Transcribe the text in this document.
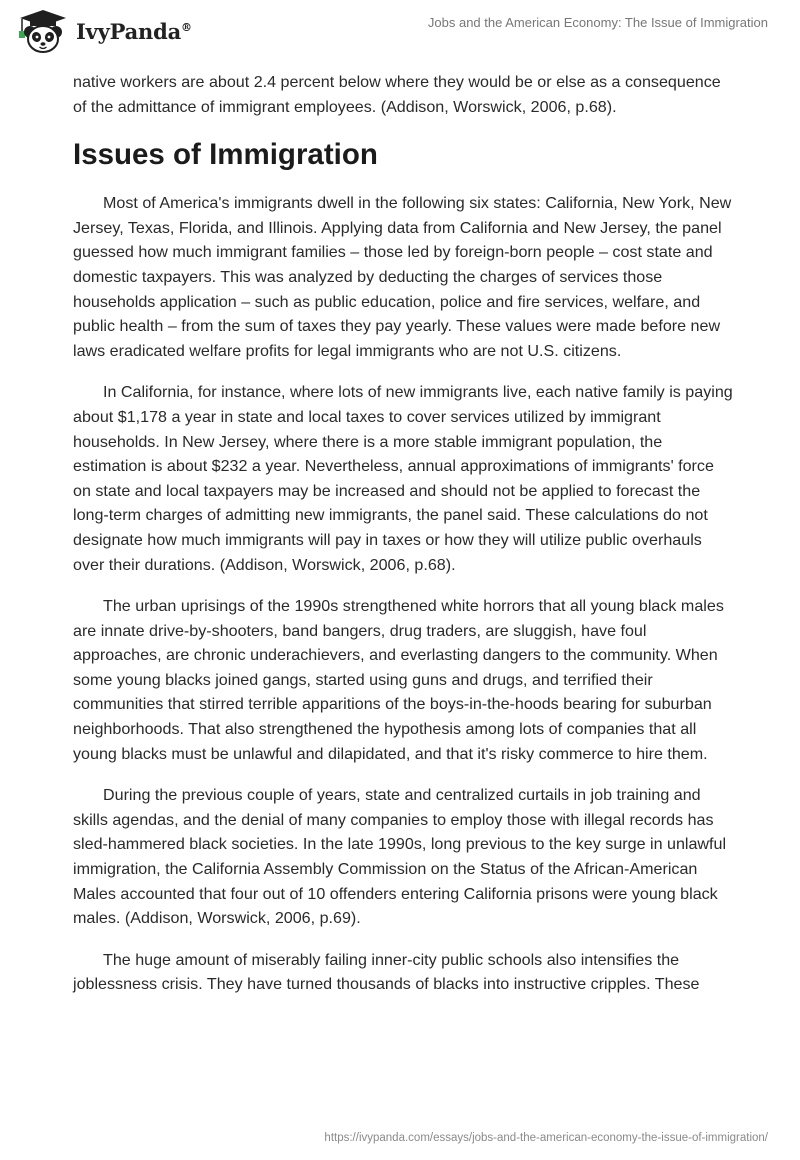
IvyPanda®	Jobs and the American Economy: The Issue of Immigration

native workers are about 2.4 percent below where they would be or else as a consequence of the admittance of immigrant employees. (Addison, Worswick, 2006, p.68).

Issues of Immigration

Most of America's immigrants dwell in the following six states: California, New York, New Jersey, Texas, Florida, and Illinois. Applying data from California and New Jersey, the panel guessed how much immigrant families – those led by foreign-born people – cost state and domestic taxpayers. This was analyzed by deducting the charges of services those households application – such as public education, police and fire services, welfare, and public health – from the sum of taxes they pay yearly. These values were made before new laws eradicated welfare profits for legal immigrants who are not U.S. citizens.

In California, for instance, where lots of new immigrants live, each native family is paying about $1,178 a year in state and local taxes to cover services utilized by immigrant households. In New Jersey, where there is a more stable immigrant population, the estimation is about $232 a year. Nevertheless, annual approximations of immigrants' force on state and local taxpayers may be increased and should not be applied to forecast the long-term charges of admitting new immigrants, the panel said. These calculations do not designate how much immigrants will pay in taxes or how they will utilize public overhauls over their durations. (Addison, Worswick, 2006, p.68).

The urban uprisings of the 1990s strengthened white horrors that all young black males are innate drive-by-shooters, band bangers, drug traders, are sluggish, have foul approaches, are chronic underachievers, and everlasting dangers to the community. When some young blacks joined gangs, started using guns and drugs, and terrified their communities that stirred terrible apparitions of the boys-in-the-hoods bearing for suburban neighborhoods. That also strengthened the hypothesis among lots of companies that all young blacks must be unlawful and dilapidated, and that it's risky commerce to hire them.

During the previous couple of years, state and centralized curtails in job training and skills agendas, and the denial of many companies to employ those with illegal records has sled-hammered black societies. In the late 1990s, long previous to the key surge in unlawful immigration, the California Assembly Commission on the Status of the African-American Males accounted that four out of 10 offenders entering California prisons were young black males. (Addison, Worswick, 2006, p.69).

The huge amount of miserably failing inner-city public schools also intensifies the joblessness crisis. They have turned thousands of blacks into instructive cripples. These

https://ivypanda.com/essays/jobs-and-the-american-economy-the-issue-of-immigration/
